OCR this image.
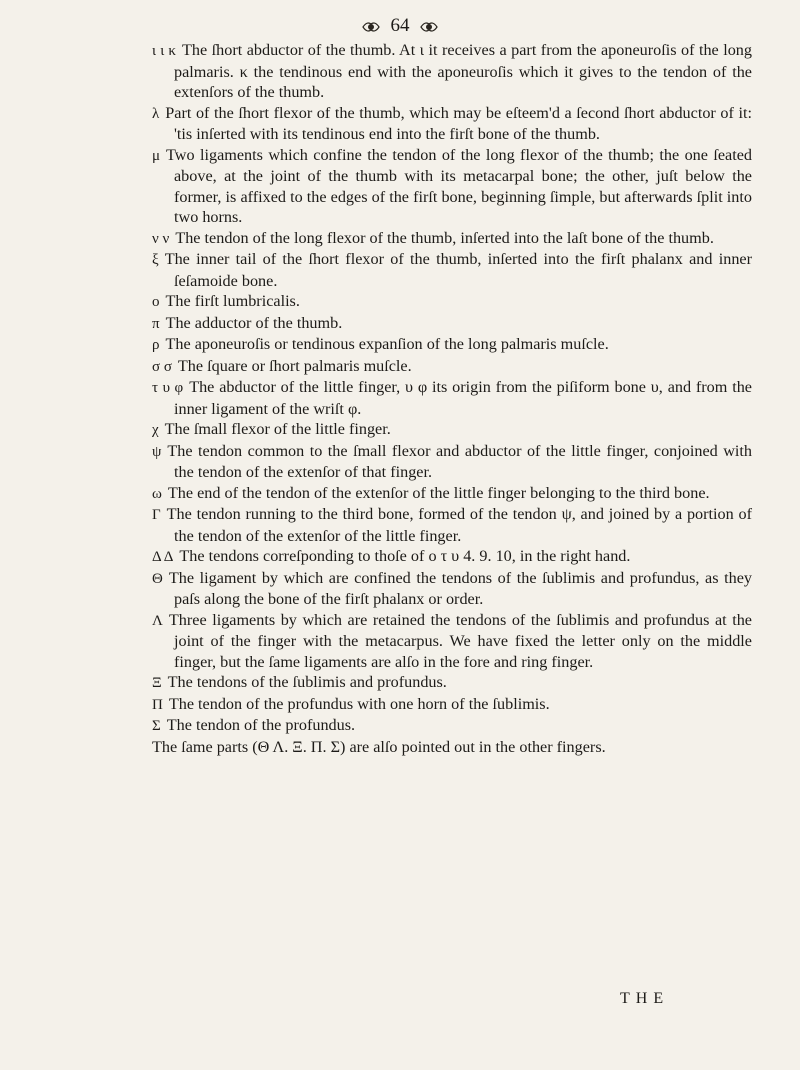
64

ι ι κ The ſhort abductor of the thumb. At ι it receives a part from the aponeuroſis of the long palmaris. κ the tendinous end with the aponeuroſis which it gives to the tendon of the extenſors of the thumb.

λ Part of the ſhort flexor of the thumb, which may be eſteem'd a ſecond ſhort abductor of it: 'tis inſerted with its tendinous end into the firſt bone of the thumb.

μ Two ligaments which confine the tendon of the long flexor of the thumb; the one ſeated above, at the joint of the thumb with its metacarpal bone; the other, juſt below the former, is affixed to the edges of the firſt bone, beginning ſimple, but afterwards ſplit into two horns.

ν ν The tendon of the long flexor of the thumb, inſerted into the laſt bone of the thumb.

ξ The inner tail of the ſhort flexor of the thumb, inſerted into the firſt phalanx and inner ſeſamoide bone.

ο The firſt lumbricalis.

π The adductor of the thumb.

ρ The aponeuroſis or tendinous expanſion of the long palmaris muſcle.

σ σ The ſquare or ſhort palmaris muſcle.

τ υ φ The abductor of the little finger, υ φ its origin from the piſiform bone υ, and from the inner ligament of the wriſt φ.

χ The ſmall flexor of the little finger.

ψ The tendon common to the ſmall flexor and abductor of the little finger, conjoined with the tendon of the extenſor of that finger.

ω The end of the tendon of the extenſor of the little finger belonging to the third bone.

Γ The tendon running to the third bone, formed of the tendon ψ, and joined by a portion of the tendon of the extenſor of the little finger.

Δ Δ The tendons correſponding to thoſe of ο τ υ 4. 9. 10, in the right hand.

Θ The ligament by which are confined the tendons of the ſublimis and profundus, as they paſs along the bone of the firſt phalanx or order.

Λ Three ligaments by which are retained the tendons of the ſublimis and profundus at the joint of the finger with the metacarpus. We have fixed the letter only on the middle finger, but the ſame ligaments are alſo in the fore and ring finger.

Ξ The tendons of the ſublimis and profundus.

Π The tendon of the profundus with one horn of the ſublimis.

Σ The tendon of the profundus.

The ſame parts (Θ Λ. Ξ. Π. Σ) are alſo pointed out in the other fingers.

THE
